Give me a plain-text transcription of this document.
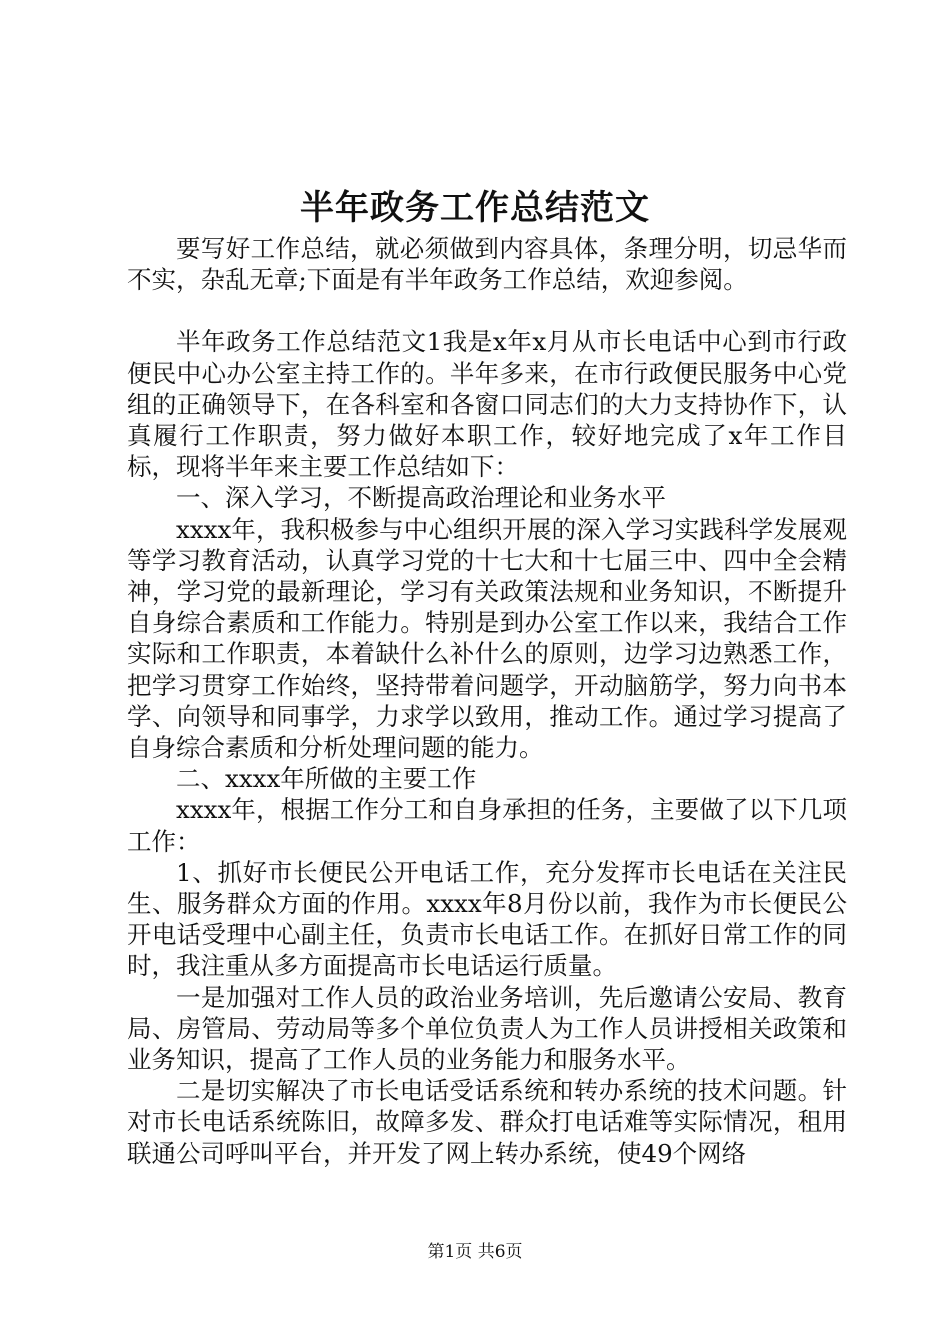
半年政务工作总结范文

要写好工作总结，就必须做到内容具体，条理分明，切忌华而不实，杂乱无章;下面是有半年政务工作总结，欢迎参阅。

半年政务工作总结范文1我是x年x月从市长电话中心到市行政便民中心办公室主持工作的。半年多来，在市行政便民服务中心党组的正确领导下，在各科室和各窗口同志们的大力支持协作下，认真履行工作职责，努力做好本职工作，较好地完成了x年工作目标，现将半年来主要工作总结如下：

一、深入学习，不断提高政治理论和业务水平

xxxx年，我积极参与中心组织开展的深入学习实践科学发展观等学习教育活动，认真学习党的十七大和十七届三中、四中全会精神，学习党的最新理论，学习有关政策法规和业务知识，不断提升自身综合素质和工作能力。特别是到办公室工作以来，我结合工作实际和工作职责，本着缺什么补什么的原则，边学习边熟悉工作，把学习贯穿工作始终，坚持带着问题学，开动脑筋学，努力向书本学、向领导和同事学，力求学以致用，推动工作。通过学习提高了自身综合素质和分析处理问题的能力。

二、xxxx年所做的主要工作

xxxx年，根据工作分工和自身承担的任务，主要做了以下几项工作：

1、抓好市长便民公开电话工作，充分发挥市长电话在关注民生、服务群众方面的作用。xxxx年8月份以前，我作为市长便民公开电话受理中心副主任，负责市长电话工作。在抓好日常工作的同时，我注重从多方面提高市长电话运行质量。

一是加强对工作人员的政治业务培训，先后邀请公安局、教育局、房管局、劳动局等多个单位负责人为工作人员讲授相关政策和业务知识，提高了工作人员的业务能力和服务水平。

二是切实解决了市长电话受话系统和转办系统的技术问题。针对市长电话系统陈旧，故障多发、群众打电话难等实际情况，租用联通公司呼叫平台，并开发了网上转办系统，使49个网络

第1页 共6页
